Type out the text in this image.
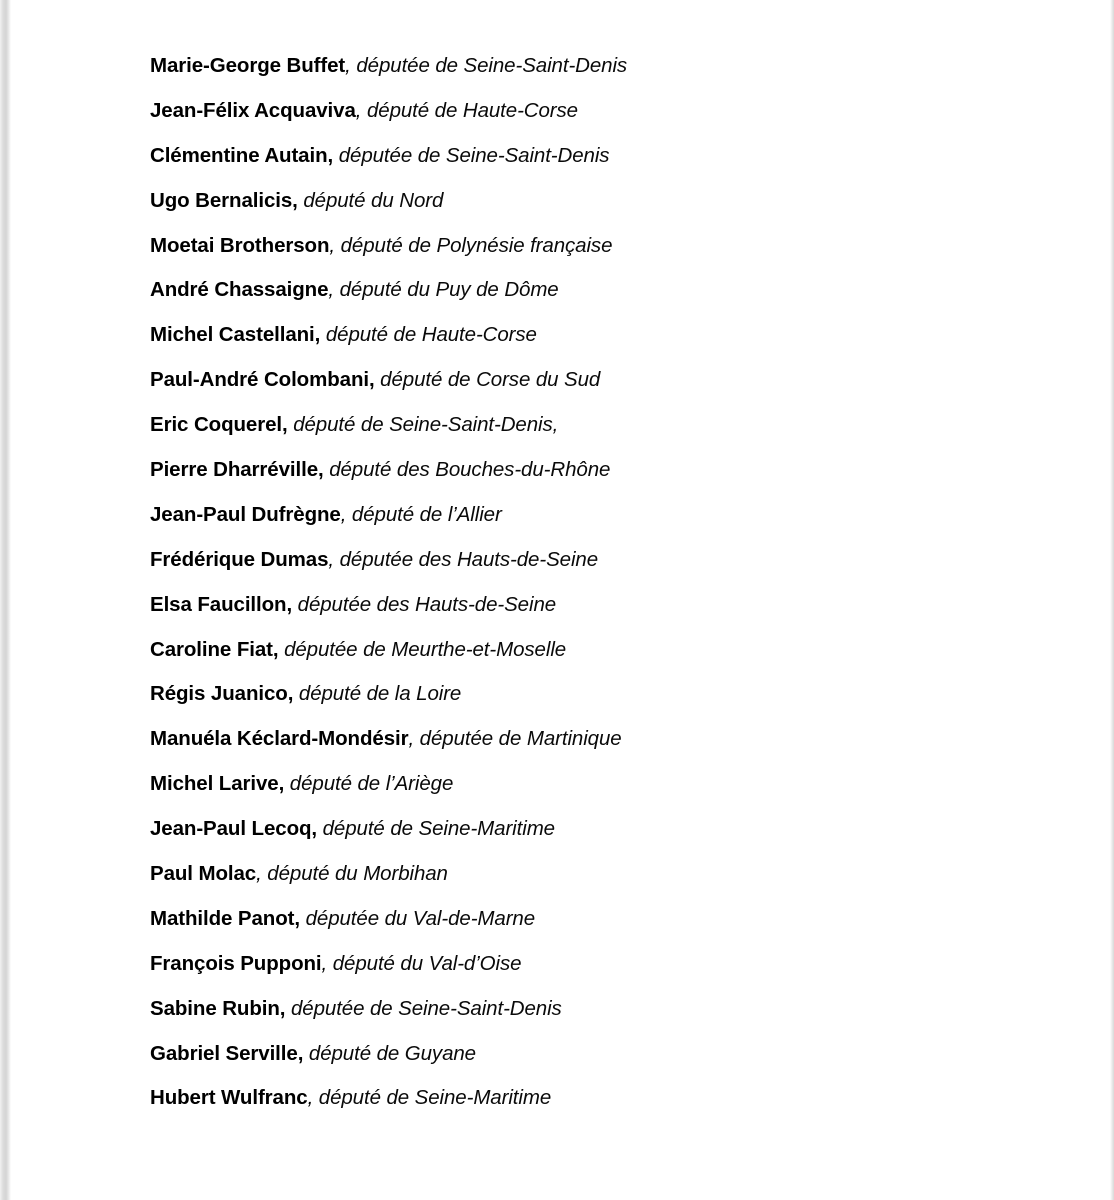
Marie-George Buffet, députée de Seine-Saint-Denis
Jean-Félix Acquaviva, député de Haute-Corse
Clémentine Autain, députée de Seine-Saint-Denis
Ugo Bernalicis, député du Nord
Moetai Brotherson, député de Polynésie française
André Chassaigne, député du Puy de Dôme
Michel Castellani, député de Haute-Corse
Paul-André Colombani, député de Corse du Sud
Eric Coquerel, député de Seine-Saint-Denis,
Pierre Dharréville, député des Bouches-du-Rhône
Jean-Paul Dufrègne, député de l’Allier
Frédérique Dumas, députée des Hauts-de-Seine
Elsa Faucillon, députée des Hauts-de-Seine
Caroline Fiat, députée de Meurthe-et-Moselle
Régis Juanico, député de la Loire
Manuéla Kéclard-Mondésir, députée de Martinique
Michel Larive, député de l’Ariège
Jean-Paul Lecoq, député de Seine-Maritime
Paul Molac, député du Morbihan
Mathilde Panot, députée du Val-de-Marne
François Pupponi, député du Val-d’Oise
Sabine Rubin, députée de Seine-Saint-Denis
Gabriel Serville, député de Guyane
Hubert Wulfranc, député de Seine-Maritime
